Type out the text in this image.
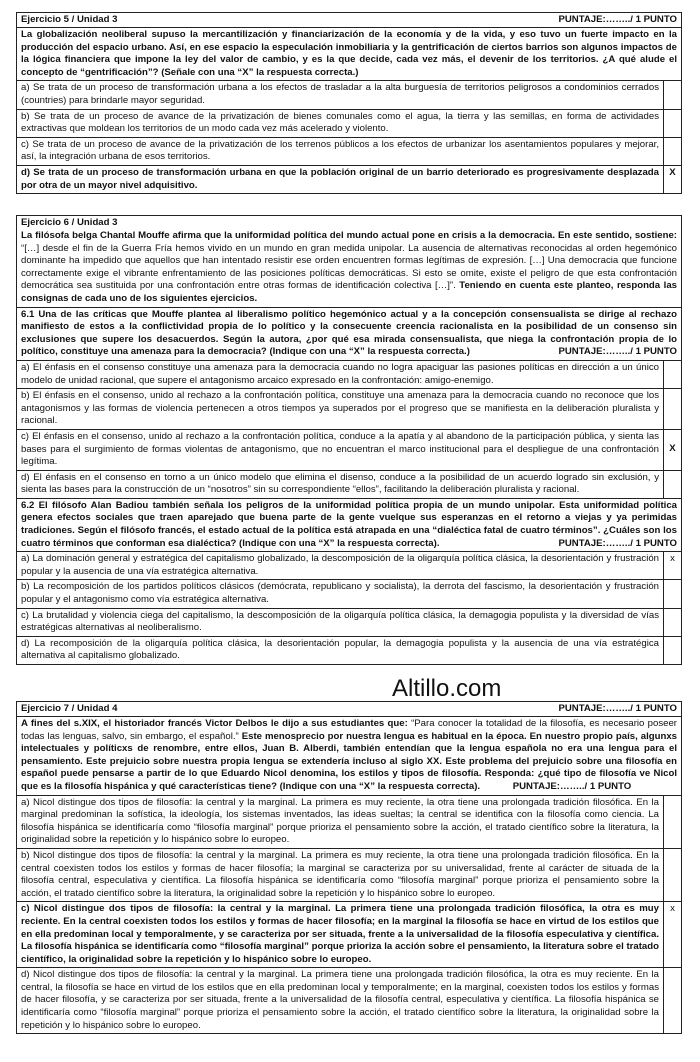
Ejercicio 5 / Unidad 3	PUNTAJE:……../ 1 PUNTO
La globalización neoliberal supuso la mercantilización y financiarización de la economía y de la vida, y eso tuvo un fuerte impacto en la producción del espacio urbano. Así, en ese espacio la especulación inmobiliaria y la gentrificación de ciertos barrios son algunos impactos de la lógica financiera que impone la ley del valor de cambio, y es la que decide, cada vez más, el devenir de los territorios. ¿A qué alude el concepto de “gentrificación”? (Señale con una “X” la respuesta correcta.)
a) Se trata de un proceso de transformación urbana a los efectos de trasladar a la alta burguesía de territorios peligrosos a condominios cerrados (countries) para brindarle mayor seguridad.
b) Se trata de un proceso de avance de la privatización de bienes comunales como el agua, la tierra y las semillas, en forma de actividades extractivas que moldean los territorios de un modo cada vez más acelerado y violento.
c) Se trata de un proceso de avance de la privatización de los terrenos públicos a los efectos de urbanizar los asentamientos populares y mejorar, así, la integración urbana de esos territorios.
d) Se trata de un proceso de transformación urbana en que la población original de un barrio deteriorado es progresivamente desplazada por otra de un mayor nivel adquisitivo.
X
Ejercicio 6 / Unidad 3
La filósofa belga Chantal Mouffe afirma que la uniformidad política del mundo actual pone en crisis a la democracia. En este sentido, sostiene: “[…] desde el fin de la Guerra Fría hemos vivido en un mundo en gran medida unipolar. La ausencia de alternativas reconocidas al orden hegemónico dominante ha impedido que aquellos que han intentado resistir ese orden encuentren formas legítimas de expresión. […] Una democracia que funcione correctamente exige el vibrante enfrentamiento de las posiciones políticas democráticas. Si esto se omite, existe el peligro de que esta confrontación democrática sea sustituida por una confrontación entre otras formas de identificación colectiva […]”. Teniendo en cuenta este planteo, responda las consignas de cada uno de los siguientes ejercicios.
6.1 Una de las críticas que Mouffe plantea al liberalismo político hegemónico actual y a la concepción consensualista se dirige al rechazo manifiesto de estos a la conflictividad propia de lo político y la consecuente creencia racionalista en la posibilidad de un consenso sin exclusiones que supere los desacuerdos. Según la autora, ¿por qué esa mirada consensualista, que niega la confrontación propia de lo político, constituye una amenaza para la democracia? (Indique con una “X” la respuesta correcta.)	PUNTAJE:……../ 1 PUNTO
a) El énfasis en el consenso constituye una amenaza para la democracia cuando no logra apaciguar las pasiones políticas en dirección a un único modelo de unidad racional, que supere el antagonismo arcaico expresado en la confrontación: amigo-enemigo.
b) El énfasis en el consenso, unido al rechazo a la confrontación política, constituye una amenaza para la democracia cuando no reconoce que los antagonismos y las formas de violencia pertenecen a otros tiempos ya superados por el progreso que se manifiesta en la deliberación pluralista y racional.
c) El énfasis en el consenso, unido al rechazo a la confrontación política, conduce a la apatía y al abandono de la participación pública, y sienta las bases para el surgimiento de formas violentas de antagonismo, que no encuentran el marco institucional para el despliegue de una confrontación legítima.
X
d) El énfasis en el consenso en torno a un único modelo que elimina el disenso, conduce a la posibilidad de un acuerdo logrado sin exclusión, y sienta las bases para la construcción de un “nosotros” sin su correspondiente “ellos”, facilitando la deliberación pluralista y racional.
6.2 El filósofo Alan Badiou también señala los peligros de la uniformidad política propia de un mundo unipolar. Esta uniformidad política genera efectos sociales que traen aparejado que buena parte de la gente vuelque sus esperanzas en el retorno a viejas y ya perimidas tradiciones. Según el filósofo francés, el estado actual de la política está atrapada en una “dialéctica fatal de cuatro términos”. ¿Cuáles son los cuatro términos que conforman esa dialéctica? (Indique con una “X” la respuesta correcta).	PUNTAJE:……../ 1 PUNTO
a) La dominación general y estratégica del capitalismo globalizado, la descomposición de la oligarquía política clásica, la desorientación y frustración popular y la ausencia de una vía estratégica alternativa.
x
b) La recomposición de los partidos políticos clásicos (demócrata, republicano y socialista), la derrota del fascismo, la desorientación y frustración popular y el antagonismo como vía estratégica alternativa.
c) La brutalidad y violencia ciega del capitalismo, la descomposición de la oligarquía política clásica, la demagogia populista y la diversidad de vías estratégicas alternativas al neoliberalismo.
d) La recomposición de la oligarquía política clásica, la desorientación popular, la demagogia populista y la ausencia de una vía estratégica alternativa al capitalismo globalizado.
Altillo.com
Ejercicio 7 / Unidad 4	PUNTAJE:……../ 1 PUNTO
A fines del s.XIX, el historiador francés Victor Delbos le dijo a sus estudiantes que: “Para conocer la totalidad de la filosofía, es necesario poseer todas las lenguas, salvo, sin embargo, el español.” Este menosprecio por nuestra lengua es habitual en la época. En nuestro propio país, algunxs intelectuales y políticxs de renombre, entre ellos, Juan B. Alberdi, también entendían que la lengua española no era una lengua para el pensamiento. Este prejuicio sobre nuestra propia lengua se extendería incluso al siglo XX. Este problema del prejuicio sobre una filosofía en español puede pensarse a partir de lo que Eduardo Nicol denomina, los estilos y tipos de filosofía. Responda: ¿qué tipo de filosofía ve Nicol que es la filosofía hispánica y qué características tiene? (Indique con una “X” la respuesta correcta).	PUNTAJE:……../ 1 PUNTO
a) Nicol distingue dos tipos de filosofía: la central y la marginal. La primera es muy reciente, la otra tiene una prolongada tradición filosófica. En la marginal predominan la sofística, la ideología, los sistemas inventados, las ideas sueltas; la central se identifica con la filosofía como ciencia. La filosofía hispánica se identificaría como “filosofía marginal” porque prioriza el pensamiento sobre la acción, el tratado científico sobre la literatura, la originalidad sobre la repetición y lo hispánico sobre lo europeo.
b) Nicol distingue dos tipos de filosofía: la central y la marginal. La primera es muy reciente, la otra tiene una prolongada tradición filosófica. En la central coexisten todos los estilos y formas de hacer filosofía; la marginal se caracteriza por su universalidad, frente al carácter de situada de la filosofía central, especulativa y científica. La filosofía hispánica se identificaría como “filosofía marginal” porque prioriza el pensamiento sobre la acción, el tratado científico sobre la literatura, la originalidad sobre la repetición y lo hispánico sobre lo europeo.
c) Nicol distingue dos tipos de filosofía: la central y la marginal. La primera tiene una prolongada tradición filosófica, la otra es muy reciente. En la central coexisten todos los estilos y formas de hacer filosofía; en la marginal la filosofía se hace en virtud de los estilos que en ella predominan local y temporalmente, y se caracteriza por ser situada, frente a la universalidad de la filosofía especulativa y científica. La filosofía hispánica se identificaría como “filosofía marginal” porque prioriza la acción sobre el pensamiento, la literatura sobre el tratado científico, la originalidad sobre la repetición y lo hispánico sobre lo europeo.
x
d) Nicol distingue dos tipos de filosofía: la central y la marginal. La primera tiene una prolongada tradición filosófica, la otra es muy reciente. En la central, la filosofía se hace en virtud de los estilos que en ella predominan local y temporalmente; en la marginal, coexisten todos los estilos y formas de hacer filosofía, y se caracteriza por ser situada, frente a la universalidad de la filosofía central, especulativa y científica. La filosofía hispánica se identificaría como “filosofía marginal” porque prioriza el pensamiento sobre la acción, el tratado científico sobre la literatura, la originalidad sobre la repetición y lo hispánico sobre lo europeo.
